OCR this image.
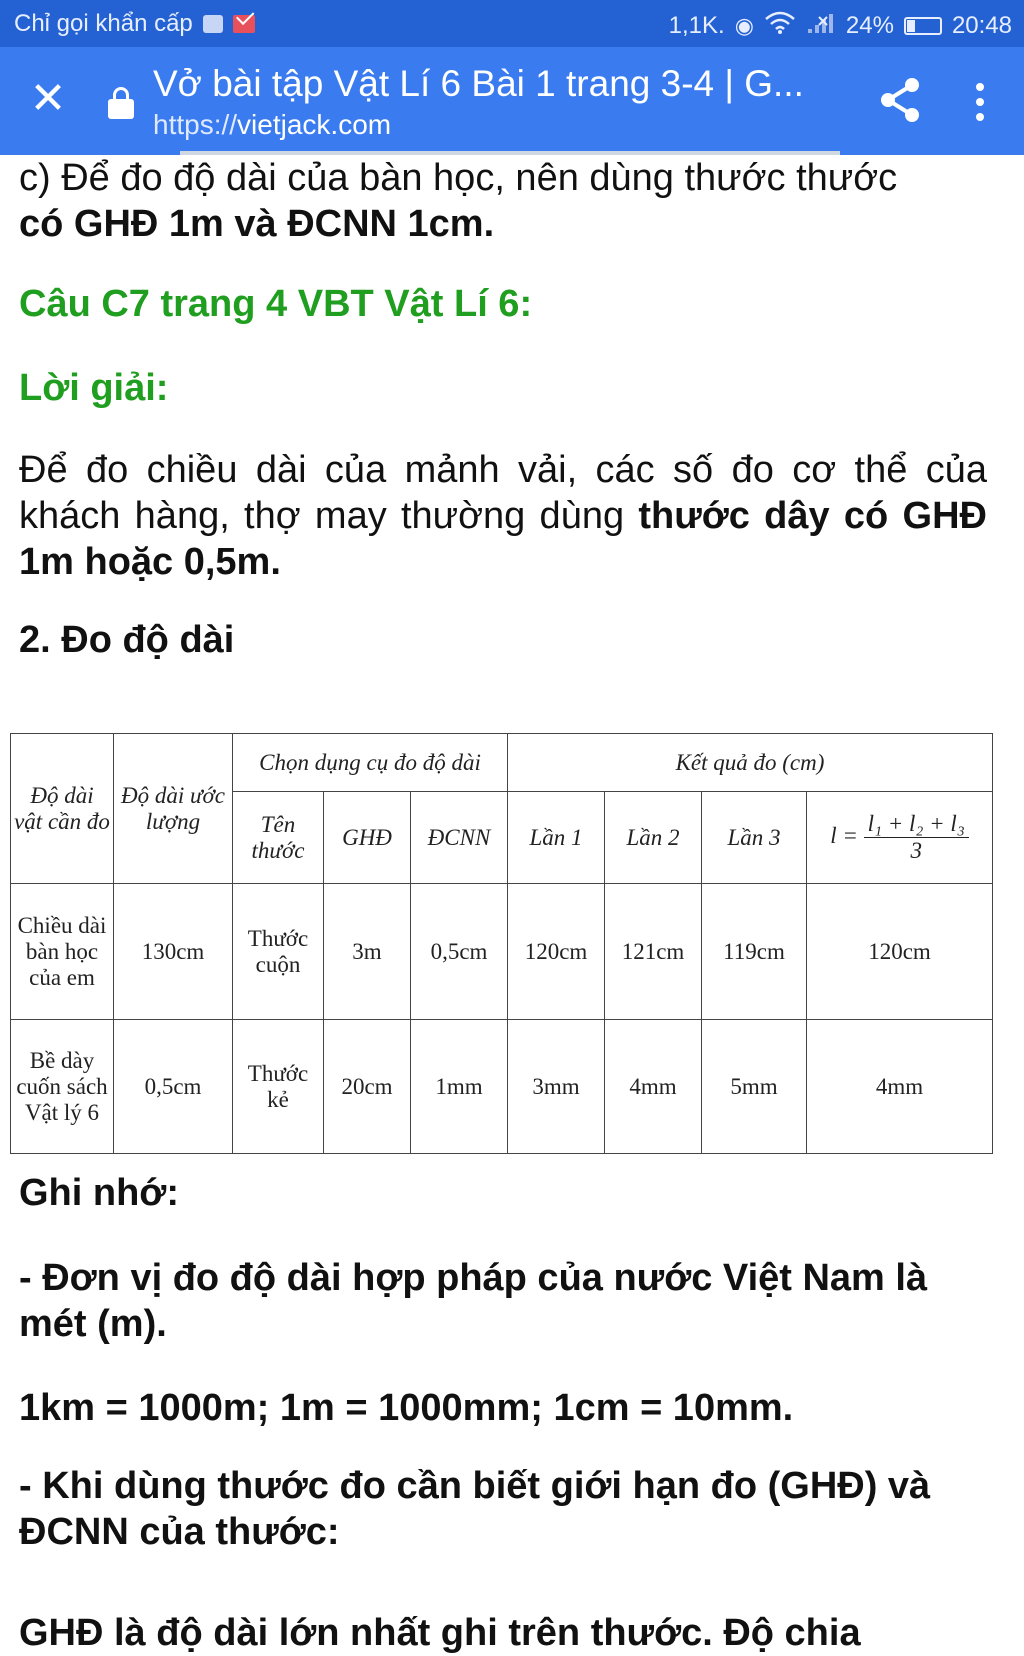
Chỉ gọi khẩn cấp	1,1K. ◉	24% 20:48
✕ Vở bài tập Vật Lí 6 Bài 1 trang 3-4 | G...
https://vietjack.com
c) Để đo độ dài của bàn học, nên dùng thước thước
có GHĐ 1m và ĐCNN 1cm.
Câu C7 trang 4 VBT Vật Lí 6:
Lời giải:
Để đo chiều dài của mảnh vải, các số đo cơ thể của khách hàng, thợ may thường dùng thước dây có GHĐ 1m hoặc 0,5m.
2. Đo độ dài
Độ dài vật cần đo	Độ dài ước lượng	Chọn dụng cụ đo độ dài			Kết quả đo (cm)			
		Tên thước	GHĐ	ĐCNN	Lần 1	Lần 2	Lần 3	$l = \frac{\text{l₁ + l₂ + l₃}}{3}$

Chiều dài bàn học của em	130cm	Thước cuộn	3m	0,5cm	120cm	121cm	119cm	120cm
Bề dày cuốn sách Vật lý 6	0,5cm	Thước kẻ	20cm	1mm	3mm	4mm	5mm	4mm
Ghi nhớ:
- Đơn vị đo độ dài hợp pháp của nước Việt Nam là mét (m).
1km = 1000m; 1m = 1000mm; 1cm = 10mm.
- Khi dùng thước đo cần biết giới hạn đo (GHĐ) và ĐCNN của thước:
GHĐ là độ dài lớn nhất ghi trên thước. Độ chia
